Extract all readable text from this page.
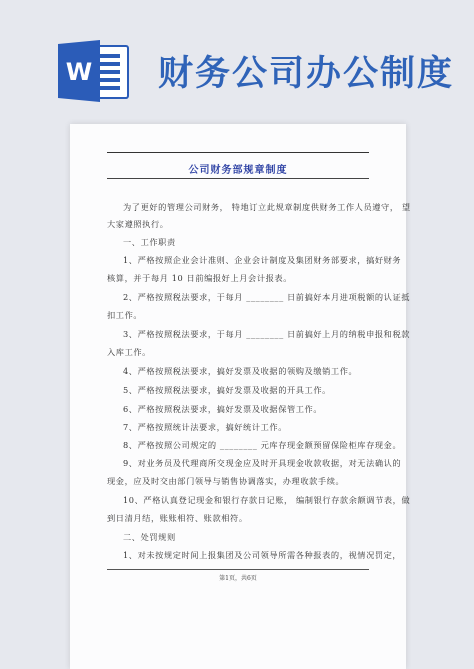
W 财务公司办公制度
公司财务部规章制度
为了更好的管理公司财务， 特地订立此规章制度供财务工作人员遵守， 望
大家遵照执行。
一、工作职责
1、严格按照企业会计准则、企业会计制度及集团财务部要求，搞好财务
核算，并于每月 10 日前编报好上月会计报表。
2、严格按照税法要求，于每月 ________ 日前搞好本月进项税额的认证抵
扣工作。
3、严格按照税法要求，于每月 ________ 日前搞好上月的纳税申报和税款
入库工作。
4、严格按照税法要求，搞好发票及收据的领购及缴销工作。
5、严格按照税法要求，搞好发票及收据的开具工作。
6、严格按照税法要求，搞好发票及收据保管工作。
7、严格按照统计法要求，搞好统计工作。
8、严格按照公司规定的 ________ 元库存现金额预留保险柜库存现金。
9、对业务员及代理商所交现金应及时开具现金收款收据，对无法确认的
现金，应及时交由部门领导与销售协调落实，办理收款手续。
10、严格认真登记现金和银行存款日记账， 编制银行存款余额调节表，做
到日清月结，账账相符、账款相符。
二、处罚规则
1、对未按规定时间上报集团及公司领导所需各种报表的，视情况罚定，
第1页，共6页
